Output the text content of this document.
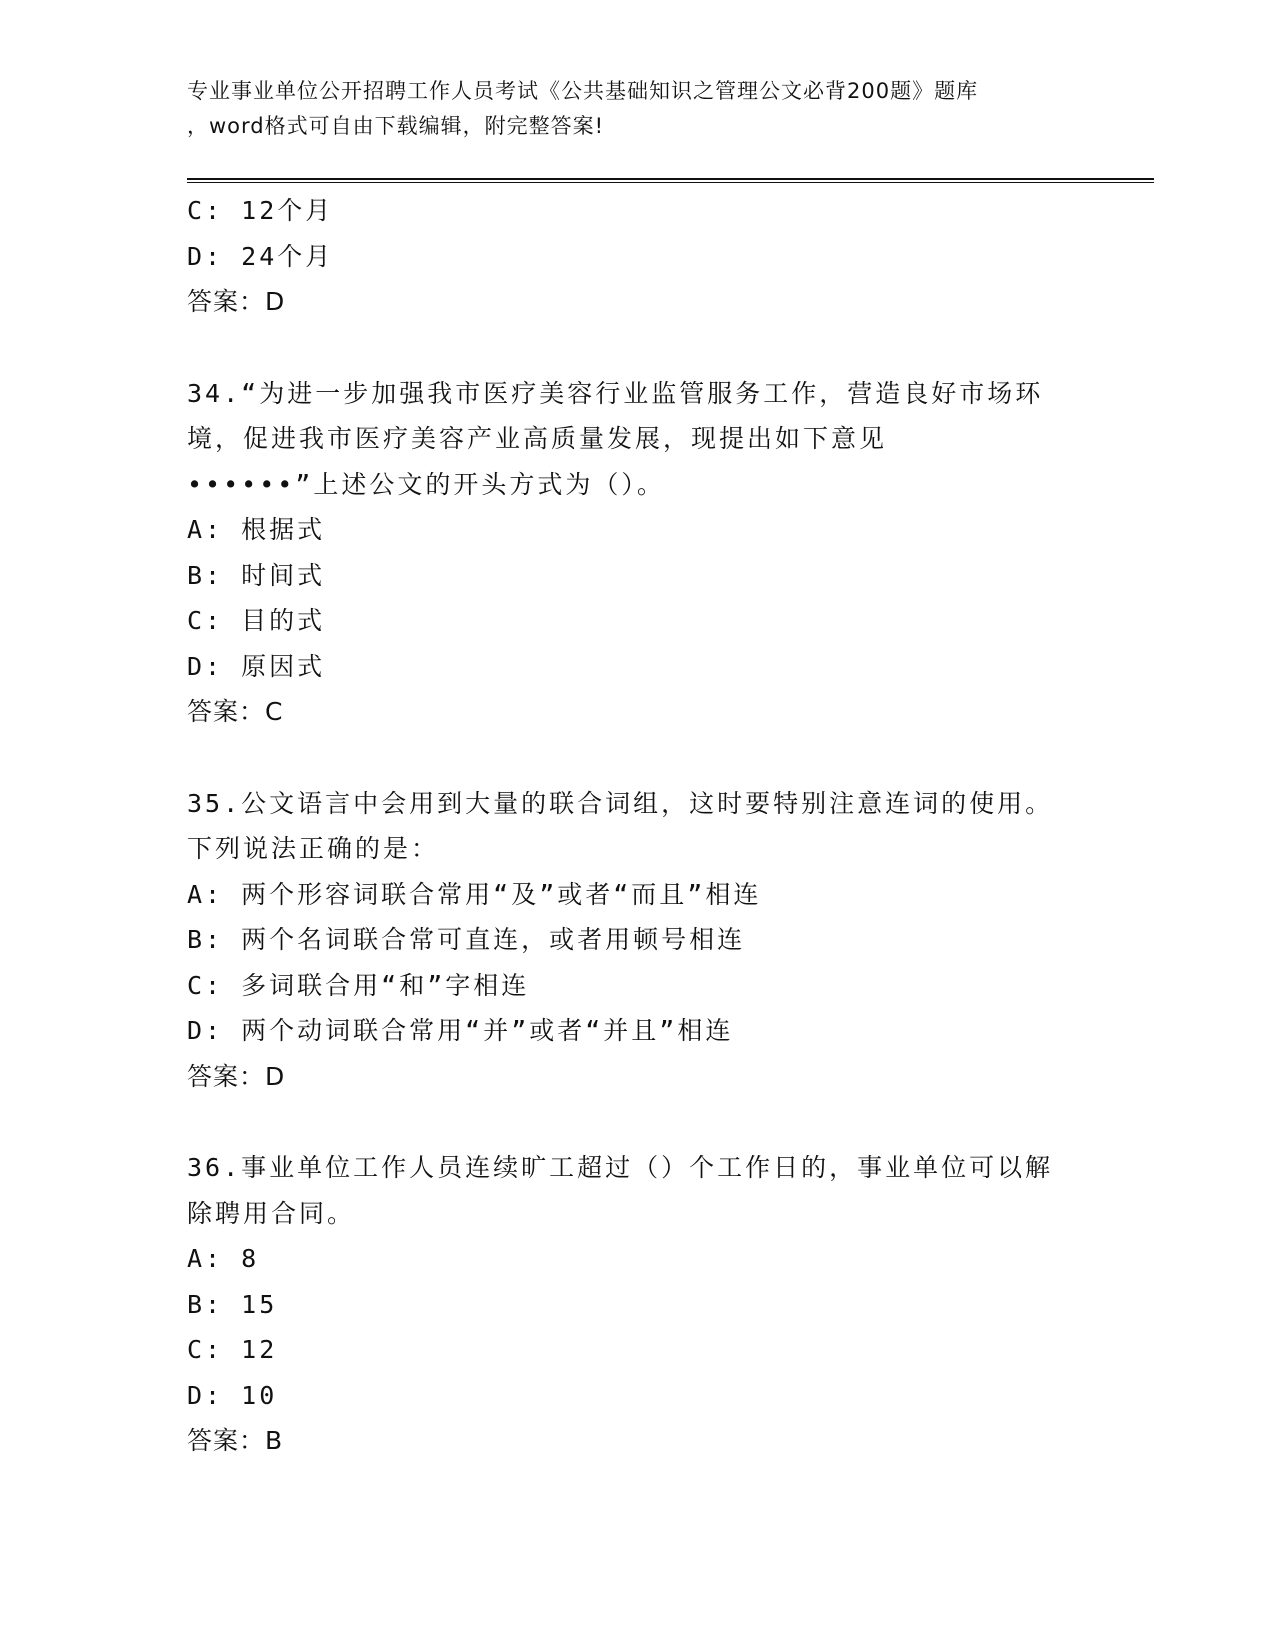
专业事业单位公开招聘工作人员考试《公共基础知识之管理公文必背200题》题库
，word格式可自由下载编辑，附完整答案!
C: 12个月
D: 24个月
答案：D
34.“为进一步加强我市医疗美容行业监管服务工作，营造良好市场环
境，促进我市医疗美容产业高质量发展，现提出如下意见
••••••”上述公文的开头方式为（）。
A: 根据式
B: 时间式
C: 目的式
D: 原因式
答案：C
35.公文语言中会用到大量的联合词组，这时要特别注意连词的使用。
下列说法正确的是：
A: 两个形容词联合常用“及”或者“而且”相连
B: 两个名词联合常可直连，或者用顿号相连
C: 多词联合用“和”字相连
D: 两个动词联合常用“并”或者“并且”相连
答案：D
36.事业单位工作人员连续旷工超过（）个工作日的，事业单位可以解
除聘用合同。
A: 8
B: 15
C: 12
D: 10
答案：B
